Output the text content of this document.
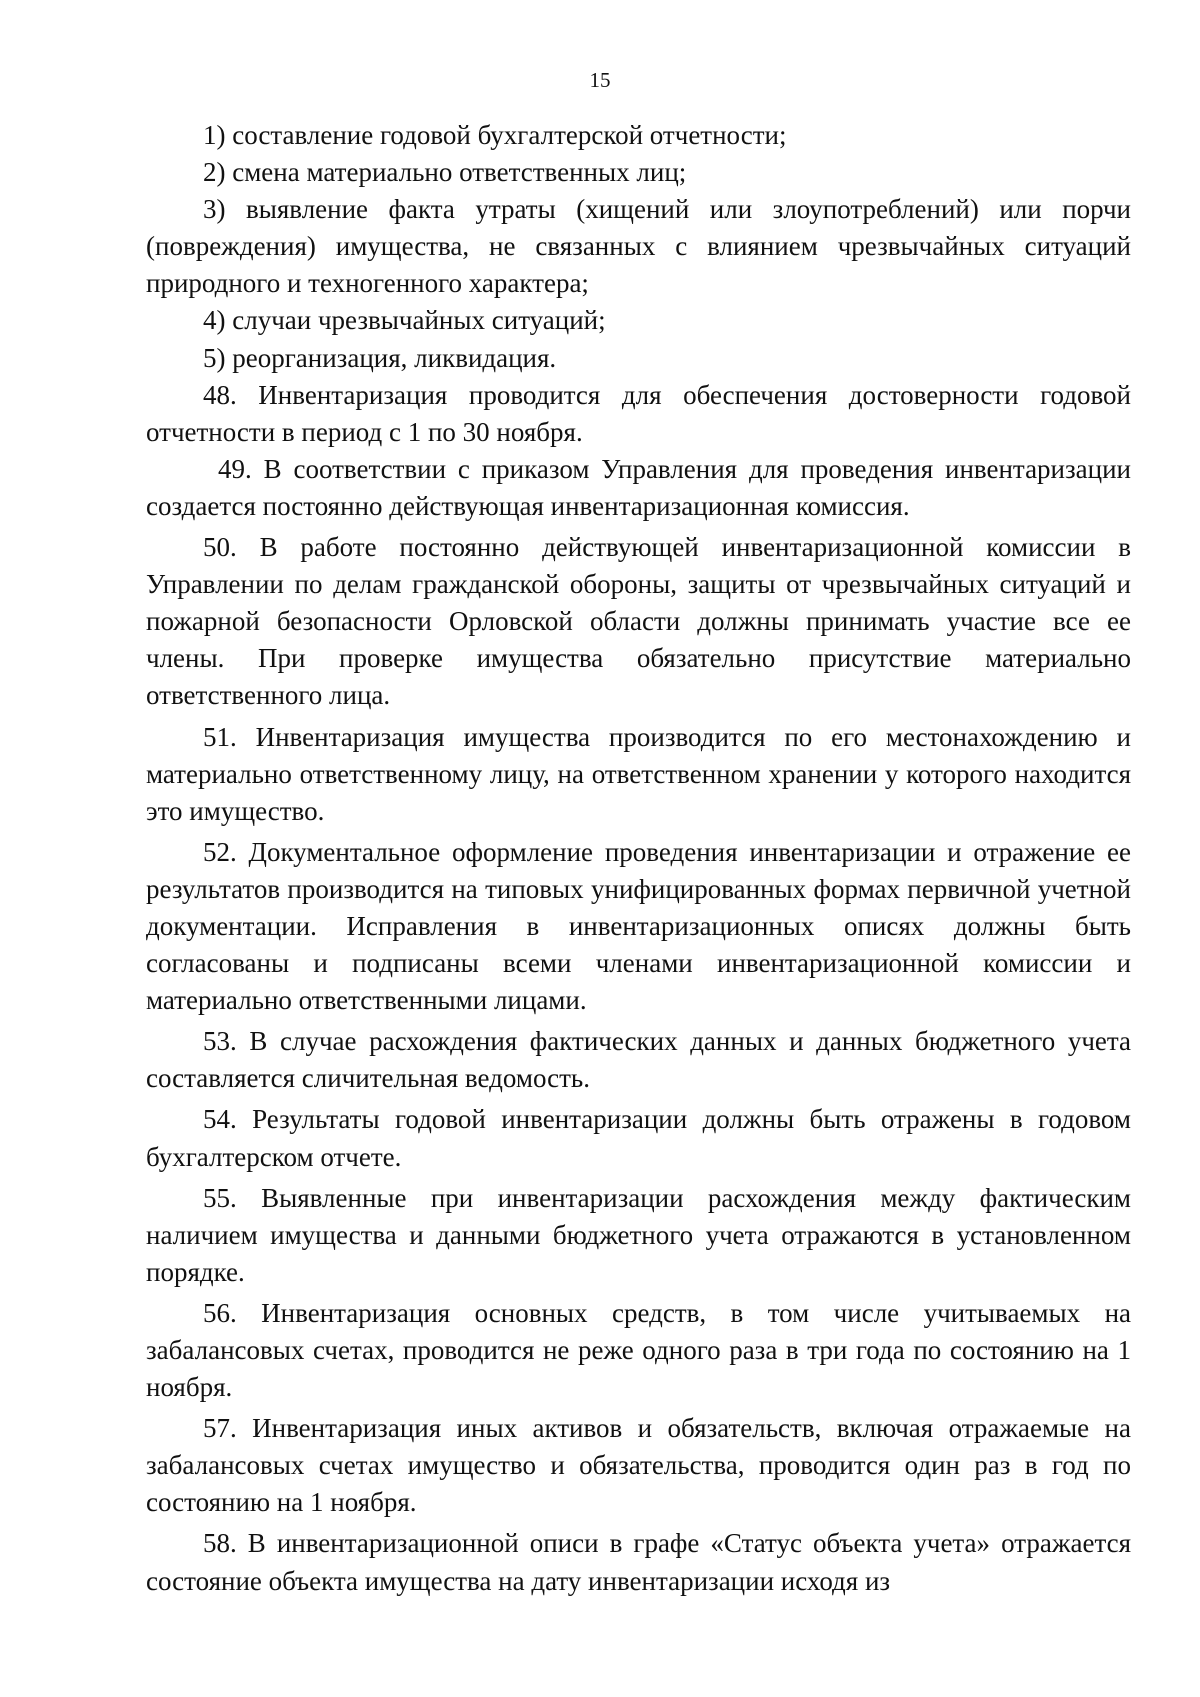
15

1) составление годовой бухгалтерской отчетности;

2) смена материально ответственных лиц;

3) выявление факта утраты (хищений или злоупотреблений) или порчи (повреждения) имущества, не связанных с влиянием чрезвычайных ситуаций природного и техногенного характера;

4) случаи чрезвычайных ситуаций;

5) реорганизация, ликвидация.

48. Инвентаризация проводится для обеспечения достоверности годовой отчетности в период с 1 по 30 ноября.

49. В соответствии с приказом Управления для проведения инвентаризации создается постоянно действующая инвентаризационная комиссия.

50. В работе постоянно действующей инвентаризационной комиссии в Управлении по делам гражданской обороны, защиты от чрезвычайных ситуаций и пожарной безопасности Орловской области должны принимать участие все ее члены. При проверке имущества обязательно присутствие материально ответственного лица.

51. Инвентаризация имущества производится по его местонахождению и материально ответственному лицу, на ответственном хранении у которого находится это имущество.

52. Документальное оформление проведения инвентаризации и отражение ее результатов производится на типовых унифицированных формах первичной учетной документации. Исправления в инвентаризационных описях должны быть согласованы и подписаны всеми членами инвентаризационной комиссии и материально ответственными лицами.

53. В случае расхождения фактических данных и данных бюджетного учета составляется сличительная ведомость.

54. Результаты годовой инвентаризации должны быть отражены в годовом бухгалтерском отчете.

55. Выявленные при инвентаризации расхождения между фактическим наличием имущества и данными бюджетного учета отражаются в установленном порядке.

56. Инвентаризация основных средств, в том числе учитываемых на забалансовых счетах, проводится не реже одного раза в три года по состоянию на 1 ноября.

57. Инвентаризация иных активов и обязательств, включая отражаемые на забалансовых счетах имущество и обязательства, проводится один раз в год по состоянию на 1 ноября.

58. В инвентаризационной описи в графе «Статус объекта учета» отражается состояние объекта имущества на дату инвентаризации исходя из
